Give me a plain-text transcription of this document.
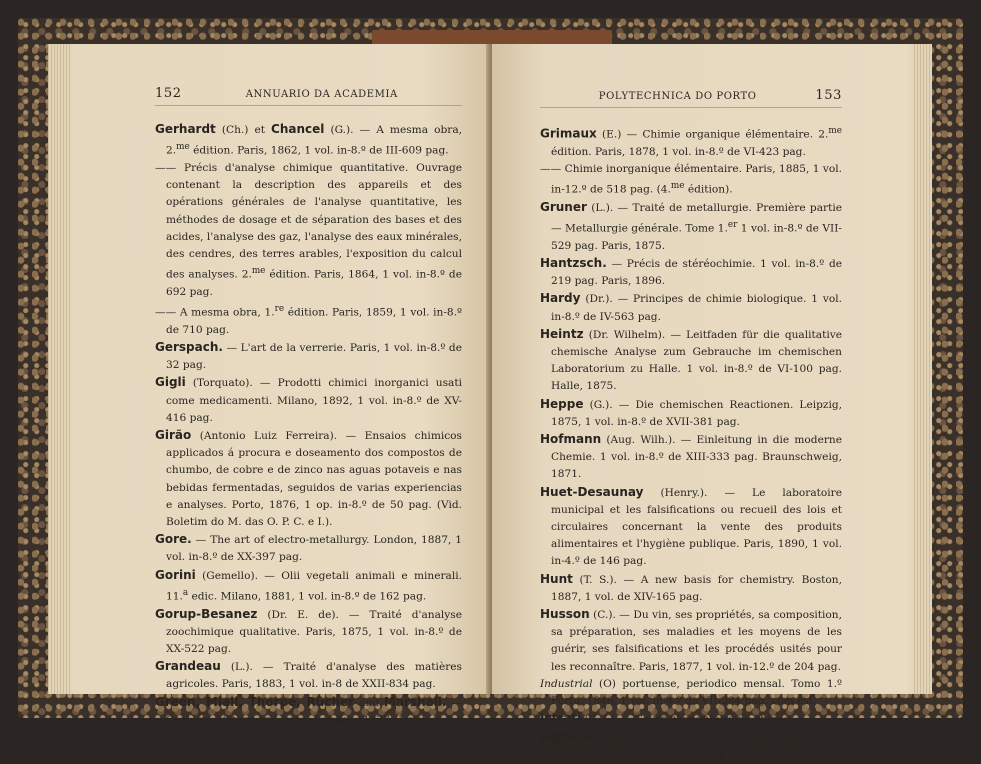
152	ANNUARIO DA ACADEMIA

Gerhardt (Ch.) et Chancel (G.). — A mesma obra, 2.$^{me}$ édition. Paris, 1862, 1 vol. in-8.º de III-609 pag.

—— Précis d'analyse chimique quantitative. Ouvrage contenant la description des appareils et des opérations générales de l'analyse quantitative, les méthodes de dosage et de séparation des bases et des acides, l'analyse des gaz, l'analyse des eaux minérales, des cendres, des terres arables, l'exposition du calcul des analyses. 2.$^{me}$ édition. Paris, 1864, 1 vol. in-8.º de 692 pag.

—— A mesma obra, 1.$^{re}$ édition. Paris, 1859, 1 vol. in-8.º de 710 pag.

Gerspach. — L'art de la verrerie. Paris, 1 vol. in-8.º de 32 pag.

Gigli (Torquato). — Prodotti chimici inorganici usati come medicamenti. Milano, 1892, 1 vol. in-8.º de XV-416 pag.

Girão (Antonio Luiz Ferreira). — Ensaios chimicos applicados á procura e doseamento dos compostos de chumbo, de cobre e de zinco nas aguas potaveis e nas bebidas fermentadas, seguidos de varias experiencias e analyses. Porto, 1876, 1 op. in-8.º de 50 pag. (Vid. Boletim do M. das O. P. C. e I.).

Gore. — The art of electro-metallurgy. London, 1887, 1 vol. in-8.º de XX-397 pag.

Gorini (Gemello). — Olii vegetali animali e minerali. 11.$^a$ edic. Milano, 1881, 1 vol. in-8.º de 162 pag.

Gorup-Besanez (Dr. E. de). — Traité d'analyse zoochimique qualitative. Paris, 1875, 1 vol. in-8.º de XX-522 pag.

Grandeau (L.). — Traité d'analyse des matières agricoles. Paris, 1883, 1 vol. in-8 de XXII-834 pag.

Green, Miall, Thorpe, Rücher and Marshall. — Coal, its history and uses. London. 1877, 1 vol. in-8.º de XII-363 pag.

POLYTECHNICA DO PORTO	153

Grimaux (E.) — Chimie organique élémentaire. 2.$^{me}$ édition. Paris, 1878, 1 vol. in-8.º de VI-423 pag.

—— Chimie inorganique élémentaire. Paris, 1885, 1 vol. in-12.º de 518 pag. (4.$^{me}$ édition).

Gruner (L.). — Traité de metallurgie. Première partie — Metallurgie générale. Tome 1.$^{er}$ 1 vol. in-8.º de VII-529 pag. Paris, 1875.

Hantzsch. — Précis de stéréochimie. 1 vol. in-8.º de 219 pag. Paris, 1896.

Hardy (Dr.). — Principes de chimie biologique. 1 vol. in-8.º de IV-563 pag.

Heintz (Dr. Wilhelm). — Leitfaden für die qualitative chemische Analyse zum Gebrauche im chemischen Laboratorium zu Halle. 1 vol. in-8.º de VI-100 pag. Halle, 1875.

Heppe (G.). — Die chemischen Reactionen. Leipzig, 1875, 1 vol. in-8.º de XVII-381 pag.

Hofmann (Aug. Wilh.). — Einleitung in die moderne Chemie. 1 vol. in-8.º de XIII-333 pag. Braunschweig, 1871.

Huet-Desaunay (Henry.). — Le laboratoire municipal et les falsifications ou recueil des lois et circulaires concernant la vente des produits alimentaires et l'hygiène publique. Paris, 1890, 1 vol. in-4.º de 146 pag.

Hunt (T. S.). — A new basis for chemistry. Boston, 1887, 1 vol. de XIV-165 pag.

Husson (C.). — Du vin, ses propriétés, sa composition, sa préparation, ses maladies et les moyens de les guérir, ses falsifications et les procédés usités pour les reconnaître. Paris, 1877, 1 vol. in-12.º de 204 pag.

Industrial (O) portuense, periodico mensal. Tomo 1.º Porto, 1846, 1 vol. in-4.º de VII-384 pag. com est.

Istrati (C. J.). — Cours élémentaire de chimie.

Jagnaux (Raoul). — Traité de minéralogie. Paris, 1885, 1 vol. in-8.º de IV-883 pag.
